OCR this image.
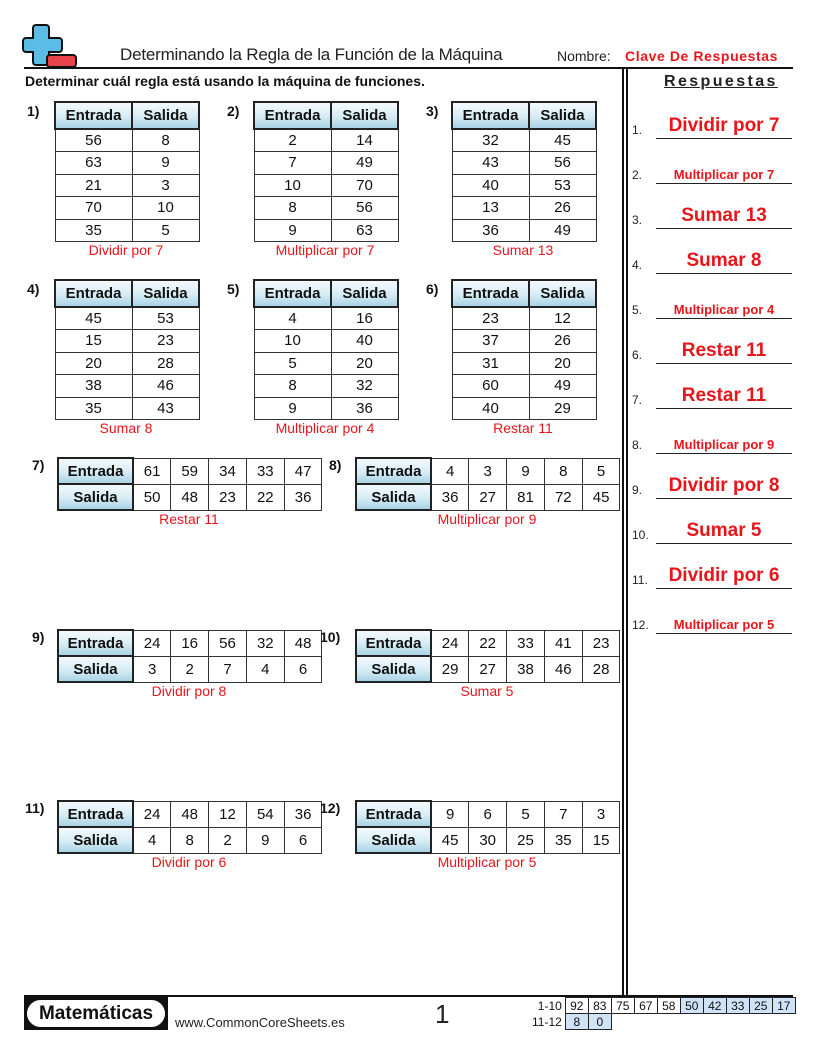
Determinando la Regla de la Función de la Máquina	Nombre: Clave De Respuestas
Determinar cuál regla está usando la máquina de funciones.	Respuestas
1.	Dividir por 7
2.	Multiplicar por 7
3.	Sumar 13
4.	Sumar 8
5.	Multiplicar por 4
6.	Restar 11
7.	Restar 11
8.	Multiplicar por 9
9.	Dividir por 8
10.	Sumar 5
11.	Dividir por 6
12.	Multiplicar por 5
1) Entrada	Salida
56	8
63	9
21	3
70	10
35	5
Dividir por 7
2) Entrada	Salida
2	14
7	49
10	70
8	56
9	63
Multiplicar por 7
3) Entrada	Salida
32	45
43	56
40	53
13	26
36	49
Sumar 13
4) Entrada	Salida
45	53
15	23
20	28
38	46
35	43
Sumar 8
5) Entrada	Salida
4	16
10	40
5	20
8	32
9	36
Multiplicar por 4
6) Entrada	Salida
23	12
37	26
31	20
60	49
40	29
Restar 11
7) Entrada	61	59	34	33	47
Salida	50	48	23	22	36
Restar 11
8) Entrada	4	3	9	8	5
Salida	36	27	81	72	45
Multiplicar por 9
9) Entrada	24	16	56	32	48
Salida	3	2	7	4	6
Dividir por 8
10) Entrada	24	22	33	41	23
Salida	29	27	38	46	28
Sumar 5
11) Entrada	24	48	12	54	36
Salida	4	8	2	9	6
Dividir por 6
12) Entrada	9	6	5	7	3
Salida	45	30	25	35	15
Multiplicar por 5
Matemáticas	www.CommonCoreSheets.es	1	1-10	92	83	75	67	58	50	42	33	25	17
11-12	8	0								
